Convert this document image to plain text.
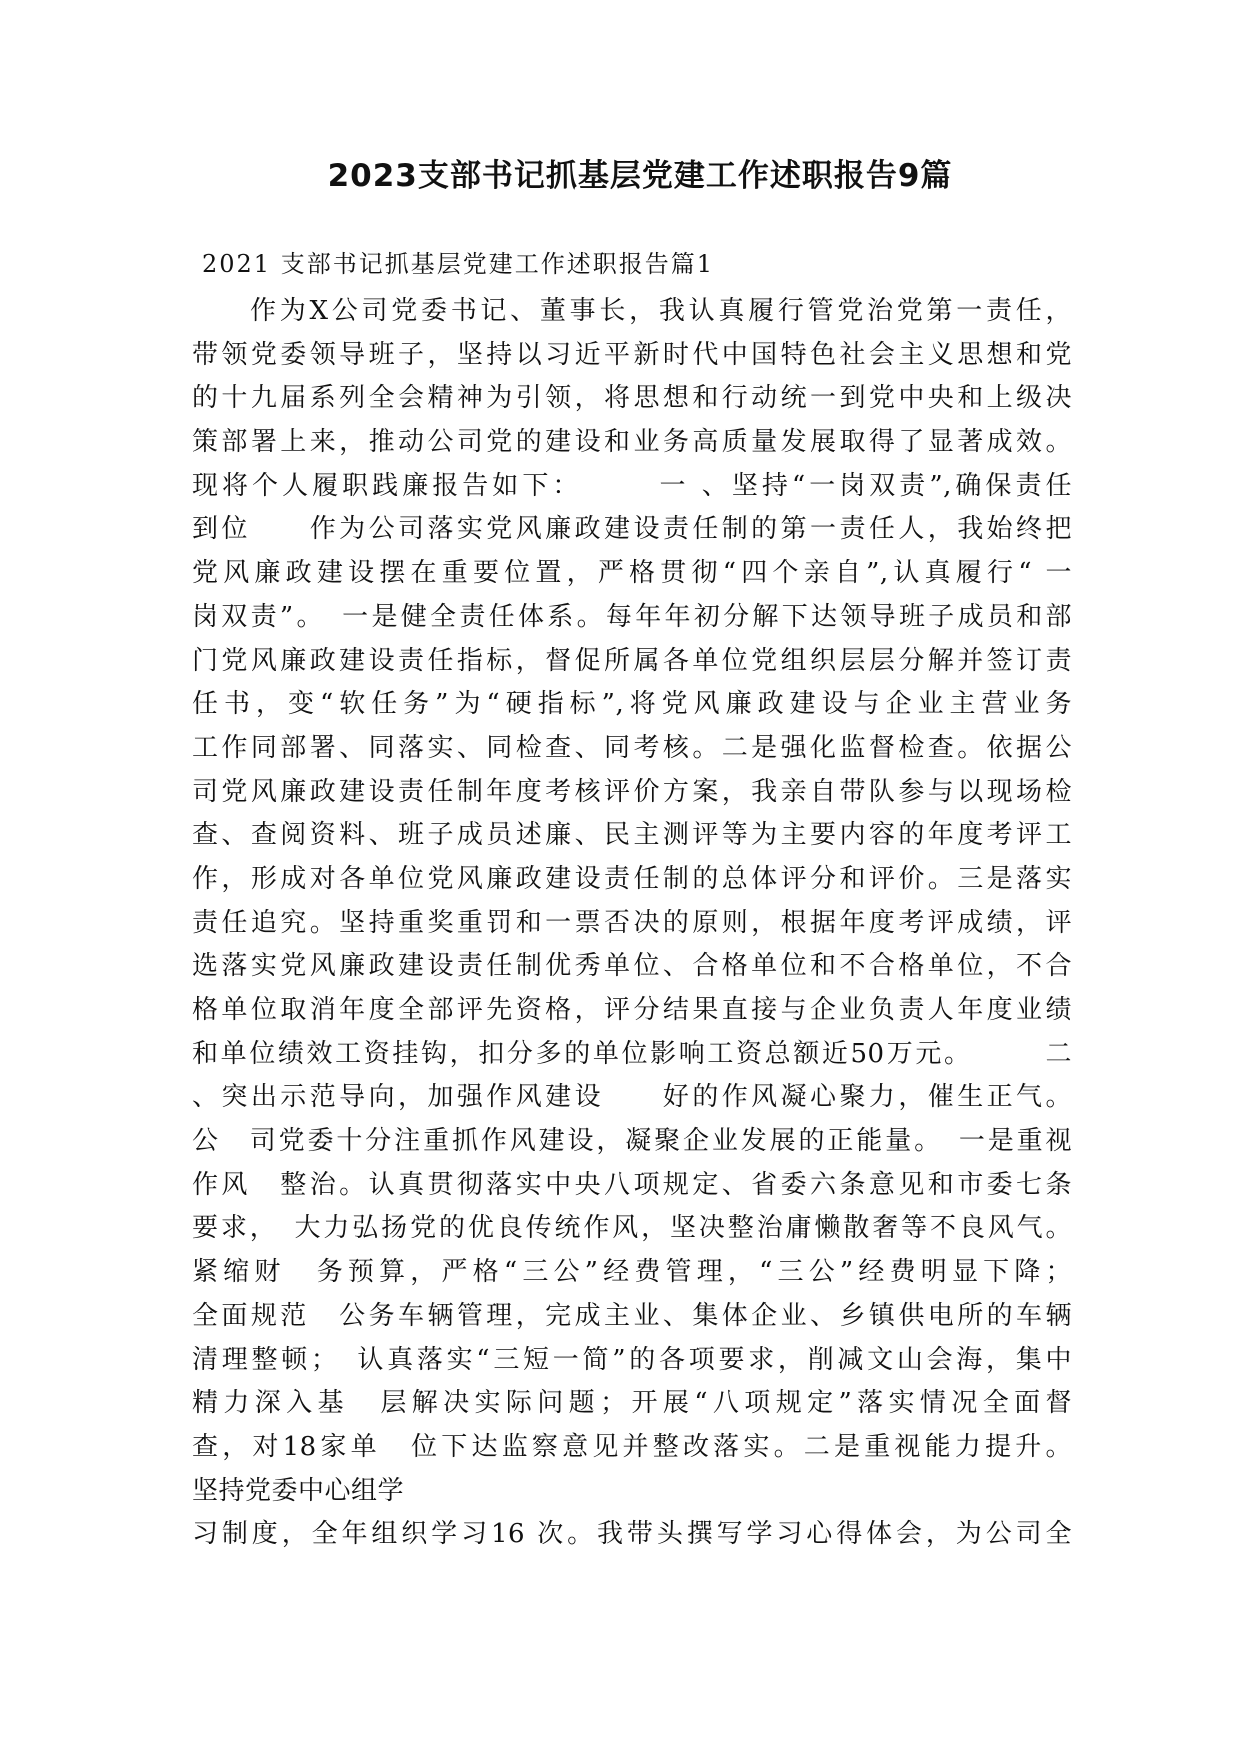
2023支部书记抓基层党建工作述职报告9篇

2021 支部书记抓基层党建工作述职报告篇1

作为X公司党委书记、董事长，我认真履行管党治党第一责任，
带领党委领导班子，坚持以习近平新时代中国特色社会主义思想和党
的十九届系列全会精神为引领，将思想和行动统一到党中央和上级决
策部署上来，推动公司党的建设和业务高质量发展取得了显著成效。
现将个人履职践廉报告如下：　　　一 、坚持“一岗双责”,确保责任
到位　　作为公司落实党风廉政建设责任制的第一责任人，我始终把
党风廉政建设摆在重要位置，严格贯彻“四个亲自”,认真履行“ 一
岗双责”。　一是健全责任体系。每年年初分解下达领导班子成员和部
门党风廉政建设责任指标，督促所属各单位党组织层层分解并签订责
任书，变“软任务”为“硬指标”,将党风廉政建设与企业主营业务
工作同部署、同落实、同检查、同考核。二是强化监督检查。依据公
司党风廉政建设责任制年度考核评价方案，我亲自带队参与以现场检
查、查阅资料、班子成员述廉、民主测评等为主要内容的年度考评工
作，形成对各单位党风廉政建设责任制的总体评分和评价。三是落实
责任追究。坚持重奖重罚和一票否决的原则，根据年度考评成绩，评
选落实党风廉政建设责任制优秀单位、合格单位和不合格单位，不合
格单位取消年度全部评先资格，评分结果直接与企业负责人年度业绩
和单位绩效工资挂钩，扣分多的单位影响工资总额近50万元。　　　二
、突出示范导向，加强作风建设　　好的作风凝心聚力，催生正气。
公　司党委十分注重抓作风建设，凝聚企业发展的正能量。　一是重视
作风　整治。认真贯彻落实中央八项规定、省委六条意见和市委七条
要求，　大力弘扬党的优良传统作风，坚决整治庸懒散奢等不良风气。
紧缩财　务预算，严格“三公”经费管理，“三公”经费明显下降；
全面规范　公务车辆管理，完成主业、集体企业、乡镇供电所的车辆
清理整顿；　认真落实“三短一简”的各项要求，削减文山会海，集中
精力深入基　层解决实际问题；开展“八项规定”落实情况全面督
查，对18家单　位下达监察意见并整改落实。二是重视能力提升。
坚持党委中心组学
习制度，全年组织学习16 次。我带头撰写学习心得体会，为公司全
